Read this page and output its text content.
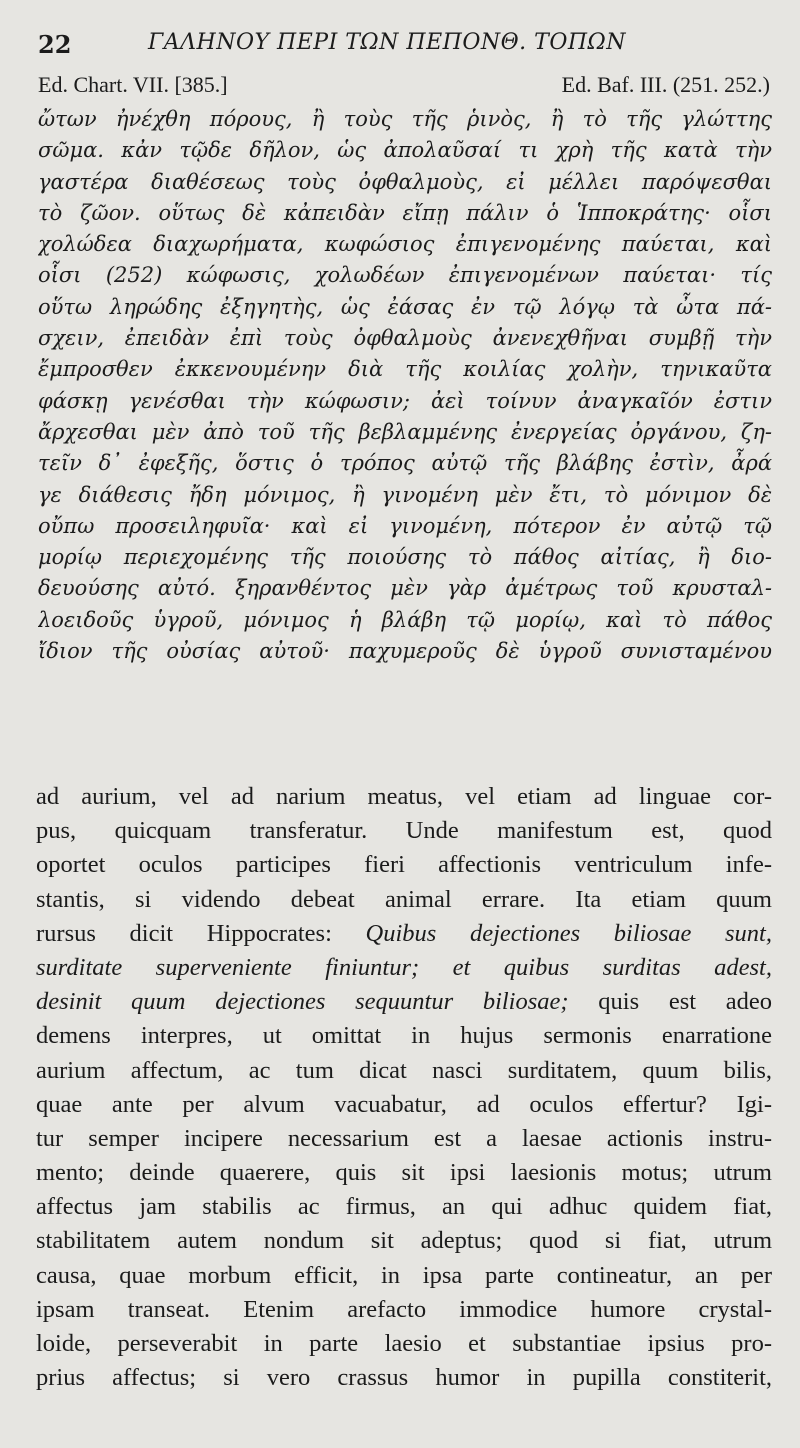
22	ΓΑΛΗΝΟΥ ΠΕΡΙ ΤΩΝ ΠΕΠΟΝΘ. ΤΟΠΩΝ
Ed. Chart. VII. [385.]	Ed. Baf. III. (251. 252.)
ὤτων ἠνέχθη πόρους, ἢ τοὺς τῆς ῥινὸς, ἢ τὸ τῆς γλώττης
σῶμα. κἀν τῷδε δῆλον, ὡς ἀπολαῦσαί τι χρὴ τῆς κατὰ τὴν
γαστέρα διαθέσεως τοὺς ὀφθαλμοὺς, εἰ μέλλει παρόψεσθαι
τὸ ζῶον. οὕτως δὲ κἀπειδὰν εἴπῃ πάλιν ὁ Ἱπποκράτης· οἷσι
χολώδεα διαχωρήματα, κωφώσιος ἐπιγενομένης παύεται, καὶ
οἷσι (252) κώφωσις, χολωδέων ἐπιγενομένων παύεται· τίς
οὕτω ληρώδης ἐξηγητὴς, ὡς ἐάσας ἐν τῷ λόγῳ τὰ ὦτα πά-
σχειν, ἐπειδὰν ἐπὶ τοὺς ὀφθαλμοὺς ἀνενεχθῆναι συμβῇ τὴν
ἔμπροσθεν ἐκκενουμένην διὰ τῆς κοιλίας χολὴν, τηνικαῦτα
φάσκῃ γενέσθαι τὴν κώφωσιν; ἀεὶ τοίνυν ἀναγκαῖόν ἐστιν
ἄρχεσθαι μὲν ἀπὸ τοῦ τῆς βεβλαμμένης ἐνεργείας ὀργάνου, ζη-
τεῖν δ᾽ ἐφεξῆς, ὅστις ὁ τρόπος αὐτῷ τῆς βλάβης ἐστὶν, ἆρά
γε διάθεσις ἤδη μόνιμος, ἢ γινομένη μὲν ἔτι, τὸ μόνιμον δὲ
οὔπω προσειληφυῖα· καὶ εἰ γινομένη, πότερον ἐν αὐτῷ τῷ
μορίῳ περιεχομένης τῆς ποιούσης τὸ πάθος αἰτίας, ἢ διο-
δευούσης αὐτό. ξηρανθέντος μὲν γὰρ ἀμέτρως τοῦ κρυσταλ-
λοειδοῦς ὑγροῦ, μόνιμος ἡ βλάβη τῷ μορίῳ, καὶ τὸ πάθος
ἴδιον τῆς οὐσίας αὐτοῦ· παχυμεροῦς δὲ ὑγροῦ συνισταμένου
ad aurium, vel ad narium meatus, vel etiam ad linguae cor-
pus, quicquam transferatur. Unde manifestum est, quod
oportet oculos participes fieri affectionis ventriculum infe-
stantis, si videndo debeat animal errare. Ita etiam quum
rursus dicit Hippocrates: Quibus dejectiones biliosae sunt,
surditate superveniente finiuntur; et quibus surditas adest,
desinit quum dejectiones sequuntur biliosae; quis est adeo
demens interpres, ut omittat in hujus sermonis enarratione
aurium affectum, ac tum dicat nasci surditatem, quum bilis,
quae ante per alvum vacuabatur, ad oculos effertur? Igi-
tur semper incipere necessarium est a laesae actionis instru-
mento; deinde quaerere, quis sit ipsi laesionis motus; utrum
affectus jam stabilis ac firmus, an qui adhuc quidem fiat,
stabilitatem autem nondum sit adeptus; quod si fiat, utrum
causa, quae morbum efficit, in ipsa parte contineatur, an per
ipsam transeat. Etenim arefacto immodice humore crystal-
loide, perseverabit in parte laesio et substantiae ipsius pro-
prius affectus; si vero crassus humor in pupilla constiterit,
